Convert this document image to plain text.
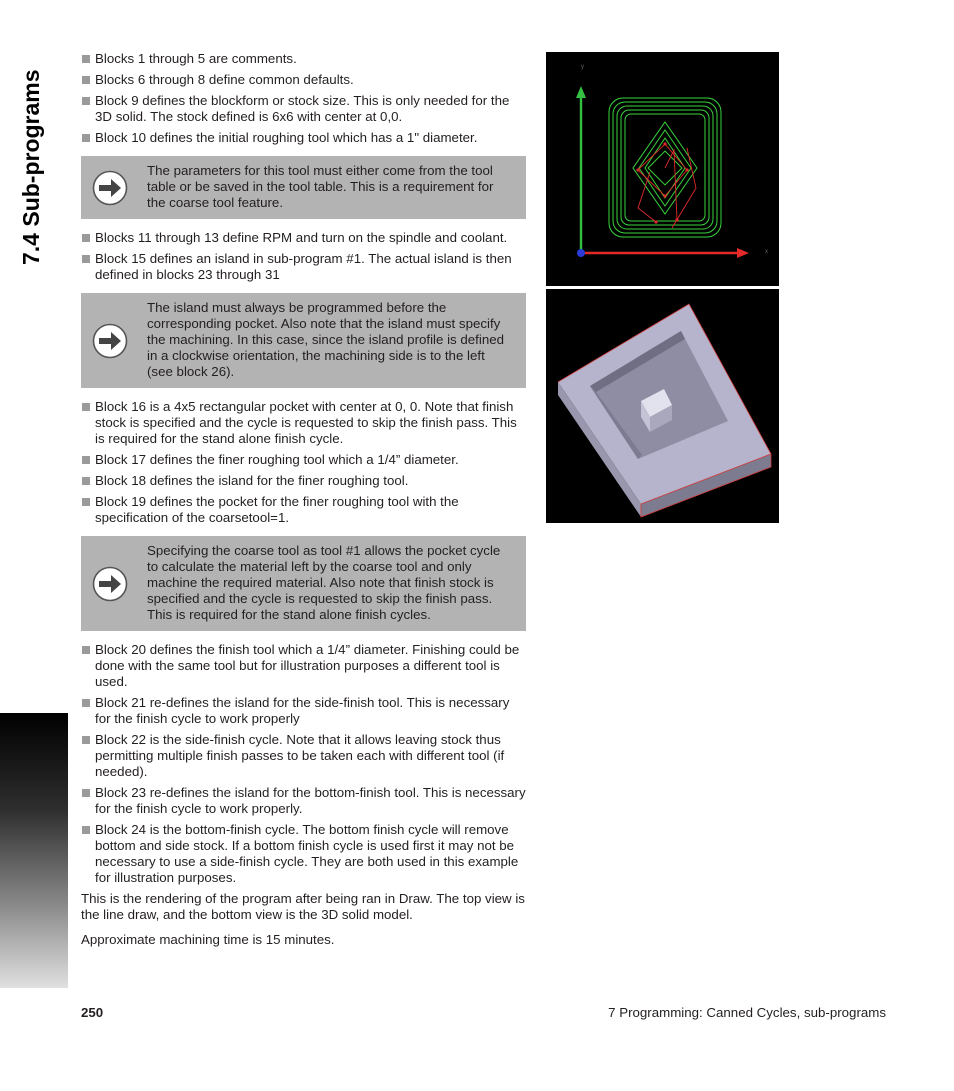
7.4 Sub-programs
Blocks 1 through 5 are comments.
Blocks 6 through 8 define common defaults.
Block 9 defines the blockform or stock size. This is only needed for the 3D solid. The stock defined is 6x6 with center at 0,0.
Block 10 defines the initial roughing tool which has a 1" diameter.
The parameters for this tool must either come from the tool table or be saved in the tool table. This is a requirement for the coarse tool feature.
Blocks 11 through 13 define RPM and turn on the spindle and coolant.
Block 15 defines an island in sub-program #1. The actual island is then defined in blocks 23 through 31
The island must always be programmed before the corresponding pocket. Also note that the island must specify the machining. In this case, since the island profile is defined in a clockwise orientation, the machining side is to the left (see block 26).
Block 16 is a 4x5 rectangular pocket with center at 0, 0. Note that finish stock is specified and the cycle is requested to skip the finish pass. This is required for the stand alone finish cycle.
Block 17 defines the finer roughing tool which a 1/4” diameter.
Block 18 defines the island for the finer roughing tool.
Block 19 defines the pocket for the finer roughing tool with the specification of the coarsetool=1.
Specifying the coarse tool as tool #1 allows the pocket cycle to calculate the material left by the coarse tool and only machine the required material. Also note that finish stock is specified and the cycle is requested to skip the finish pass. This is required for the stand alone finish cycles.
Block 20 defines the finish tool which a 1/4” diameter. Finishing could be done with the same tool but for illustration purposes a different tool is used.
Block 21 re-defines the island for the side-finish tool. This is necessary for the finish cycle to work properly
Block 22 is the side-finish cycle. Note that it allows leaving stock thus permitting multiple finish passes to be taken each with different tool (if needed).
Block 23 re-defines the island for the bottom-finish tool. This is necessary for the finish cycle to work properly.
Block 24 is the bottom-finish cycle. The bottom finish cycle will remove bottom and side stock. If a bottom finish cycle is used first it may not be necessary to use a side-finish cycle. They are both used in this example for illustration purposes.

This is the rendering of the program after being ran in Draw. The top view is the line draw, and the bottom view is the 3D solid model.

Approximate machining time is 15 minutes.

y
x
250	7 Programming: Canned Cycles, sub-programs
